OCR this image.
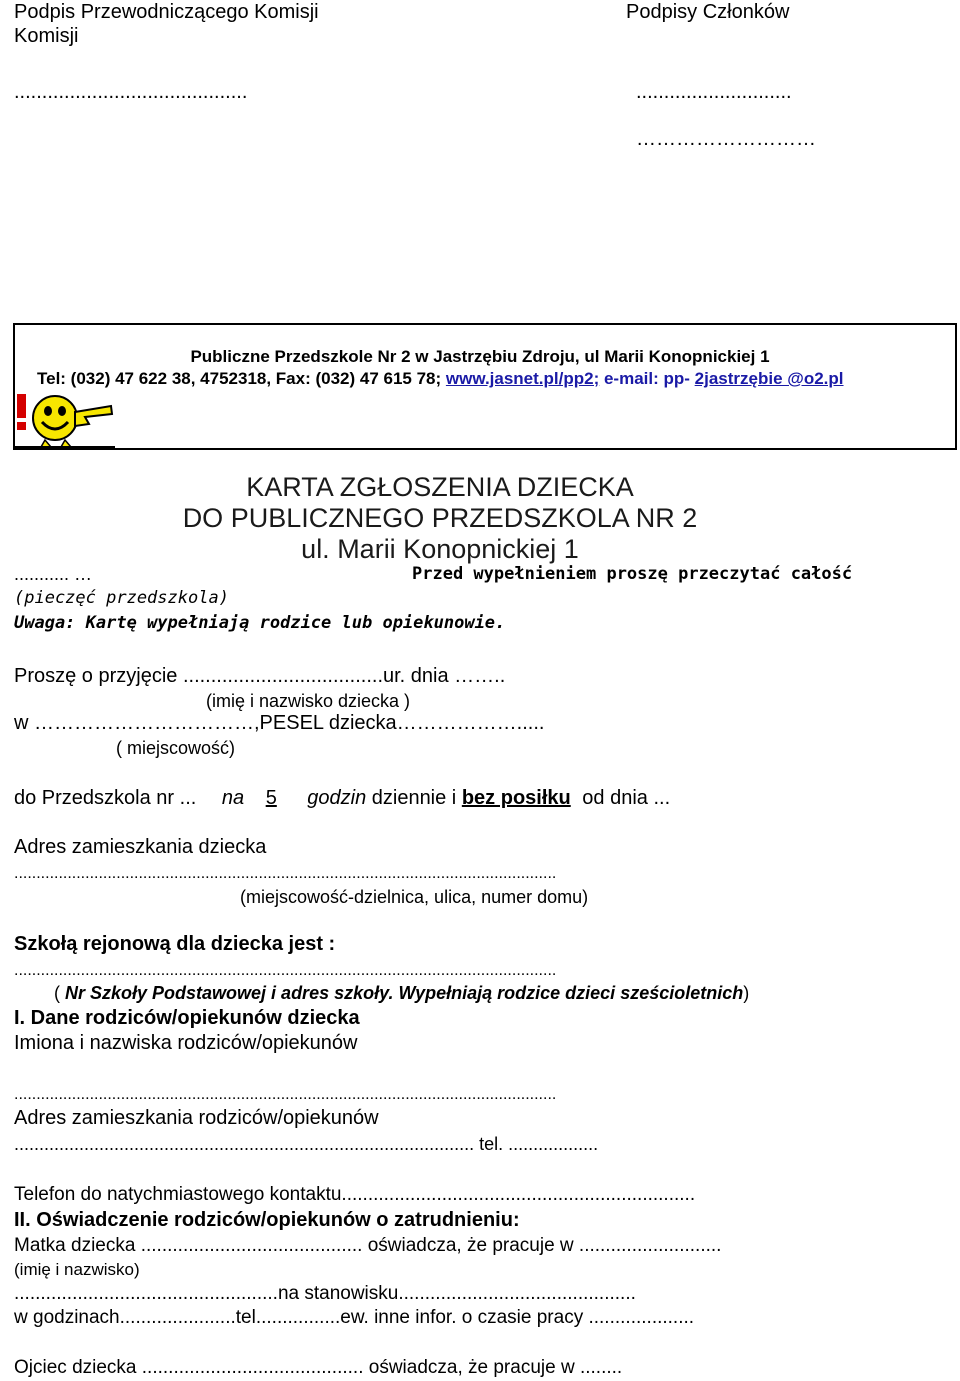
Podpis Przewodniczącego Komisji
Komisji
Podpisy Członków
..........................................	............................
………………………
Publiczne Przedszkole Nr 2 w Jastrzębiu Zdroju, ul Marii Konopnickiej 1
Tel: (032) 47 622 38, 4752318, Fax: (032) 47 615 78; www.jasnet.pl/pp2; e-mail: pp- 2jastrzębie @o2.pl
KARTA ZGŁOSZENIA DZIECKA
DO PUBLICZNEGO PRZEDSZKOLA NR 2
ul. Marii Konopnickiej 1
........... …	Przed wypełnieniem proszę przeczytać całość
(pieczęć przedszkola)
Uwaga: Kartę wypełniają rodzice lub opiekunowie.
Proszę o przyjęcie ....................................ur. dnia ……..
(imię i nazwisko dziecka )
w ……………………………,PESEL dziecka……………….....
( miejscowość)
do Przedszkola nr ... na 5 godzin dziennie i bez posiłku od dnia ...
Adres zamieszkania dziecka
..........................................................................................................................
(miejscowość-dzielnica, ulica, numer domu)
Szkołą rejonową dla dziecka jest :
..........................................................................................................................
( Nr Szkoły Podstawowej i adres szkoły. Wypełniają rodzice dzieci sześcioletnich)
I. Dane rodziców/opiekunów dziecka
Imiona i nazwiska rodziców/opiekunów
..........................................................................................................................
Adres zamieszkania rodziców/opiekunów
............................................................................................ tel. ..................
Telefon do natychmiastowego kontaktu...................................................................
II. Oświadczenie rodziców/opiekunów o zatrudnieniu:
Matka dziecka .......................................... oświadcza, że pracuje w ...........................
(imię i nazwisko)
..................................................na stanowisku.............................................
w godzinach......................tel................ew. inne infor. o czasie pracy ....................
Ojciec dziecka .......................................... oświadcza, że pracuje w ........
